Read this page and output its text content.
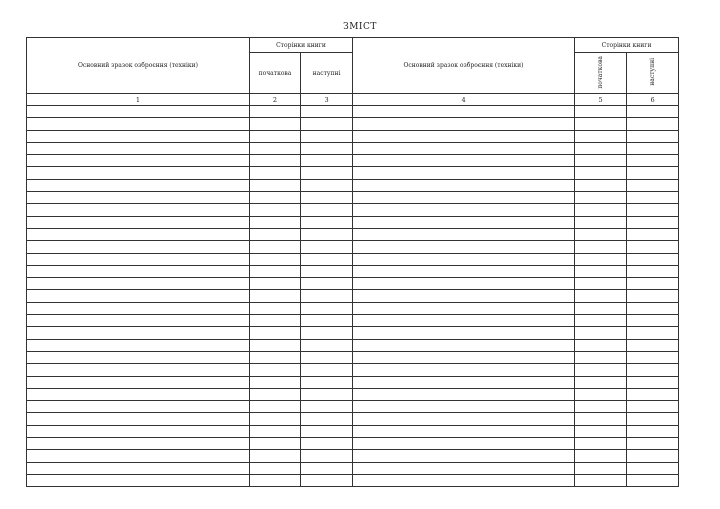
ЗМІСТ
Основний зразок озброєння (техніки)	Сторінки книги		Основний зразок озброєння (техніки)	Сторінки книги	
	початкова	наступні		початкова	наступні
1	2	3	4	5	6
